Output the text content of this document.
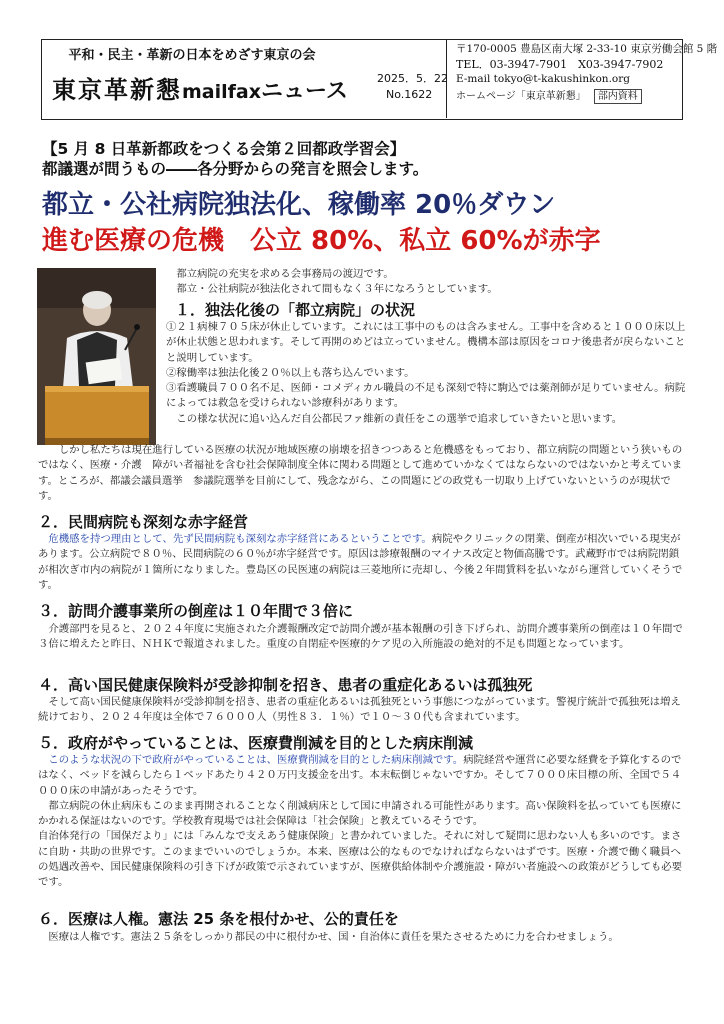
平和・民主・革新の日本をめざす東京の会
東京革新懇mailfaxニュース	2025．5．22
No.1622
〒170-0005 豊島区南大塚 2-33-10 東京労働会館 5 階
TEL．03-3947-7901　X03-3947-7902
E-mail tokyo@t-kakushinkon.org
ホームページ「東京革新懇」 部内資料
【5 月 8 日革新都政をつくる会第２回都政学習会】
都議選が問うもの――各分野からの発言を照会します。
都立・公社病院独法化、稼働率 20％ダウン
進む医療の危機　公立 80%、私立 60%が赤字

都立病院の充実を求める会事務局の渡辺です。

都立・公社病院が独法化されて間もなく３年になろうとしています。

１．独法化後の「都立病院」の状況

①２１病棟７０５床が休止しています。これには工事中のものは含みません。工事中を含めると１０００床以上が休止状態と思われます。そして再開のめどは立っていません。機構本部は原因をコロナ後患者が戻らないことと説明しています。

②稼働率は独法化後２０％以上も落ち込んでいます。

③看護職員７００名不足、医師・コメディカル職員の不足も深刻で特に駒込では薬剤師が足りていません。病院によっては救急を受けられない診療科があります。

　この様な状況に追い込んだ自公都民ファ維新の責任をこの選挙で追求していきたいと思います。

　　しかし私たちは現在進行している医療の状況が地域医療の崩壊を招きつつあると危機感をもっており、都立病院の問題という狭いものではなく、医療・介護　障がい者福祉を含む社会保障制度全体に関わる問題として進めていかなくてはならないのではないかと考えています。ところが、都議会議員選挙　参議院選挙を目前にして、残念ながら、この問題にどの政党も一切取り上げていないというのが現状です。

２．民間病院も深刻な赤字経営

危機感を持つ理由として、先ず民間病院も深刻な赤字経営にあるということです。病院やクリニックの閉業、倒産が相次いでいる現実があります。公立病院で８０％、民間病院の６０％が赤字経営です。原因は診療報酬のマイナス改定と物価高騰です。武蔵野市では病院閉鎖が相次ぎ市内の病院が１箇所になりました。豊島区の民医連の病院は三菱地所に売却し、今後２年間賃料を払いながら運営していくそうです。

３．訪問介護事業所の倒産は１０年間で３倍に

介護部門を見ると、２０２４年度に実施された介護報酬改定で訪問介護が基本報酬の引き下げられ、訪問介護事業所の倒産は１０年間で３倍に増えたと昨日、ＮＨＫで報道されました。重度の自閉症や医療的ケア児の入所施設の絶対的不足も問題となっています。

４．高い国民健康保険料が受診抑制を招き、患者の重症化あるいは孤独死

そして高い国民健康保険料が受診抑制を招き、患者の重症化あるいは孤独死という事態につながっています。警視庁統計で孤独死は増え続けており、２０２４年度は全体で７６０００人（男性８３．１％）で１０～３０代も含まれています。

５．政府がやっていることは、医療費削減を目的とした病床削減

このような状況の下で政府がやっていることは、医療費削減を目的とした病床削減です。病院経営や運営に必要な経費を予算化するのではなく、ベッドを減らしたら１ベッドあたり４２０万円支援金を出す。本末転倒じゃないですか。そして７０００床目標の所、全国で５４０００床の申請があったそうです。

　都立病院の休止病床もこのまま再開されることなく削減病床として国に申請される可能性があります。高い保険料を払っていても医療にかかれる保証はないのです。学校教育現場では社会保障は「社会保険」と教えているそうです。

自治体発行の「国保だより」には「みんなで支えあう健康保険」と書かれていました。それに対して疑問に思わない人も多いのです。まさに自助・共助の世界です。このままでいいのでしょうか。本来、医療は公的なものでなければならないはずです。医療・介護で働く職員への処遇改善や、国民健康保険料の引き下げが政策で示されていますが、医療供給体制や介護施設・障がい者施設への政策がどうしても必要です。

６．医療は人権。憲法 25 条を根付かせ、公的責任を

医療は人権です。憲法２５条をしっかり都民の中に根付かせ、国・自治体に責任を果たさせるために力を合わせましょう。
